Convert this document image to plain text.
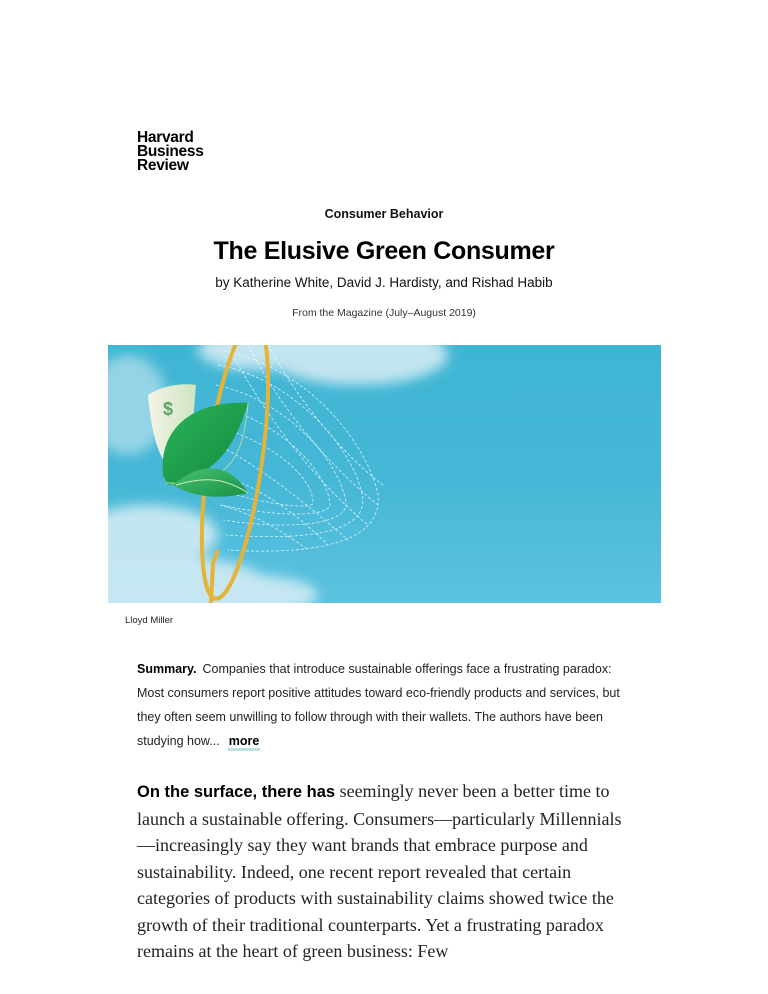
Harvard
Business
Review
Consumer Behavior
The Elusive Green Consumer
by Katherine White, David J. Hardisty, and Rishad Habib
From the Magazine (July–August 2019)
$
Lloyd Miller
Summary. Companies that introduce sustainable offerings face a frustrating paradox: Most consumers report positive attitudes toward eco-friendly products and services, but they often seem unwilling to follow through with their wallets. The authors have been studying how... more
On the surface, there has seemingly never been a better time to launch a sustainable offering. Consumers—particularly Millennials—increasingly say they want brands that embrace purpose and sustainability. Indeed, one recent report revealed that certain categories of products with sustainability claims showed twice the growth of their traditional counterparts. Yet a frustrating paradox remains at the heart of green business: Few
